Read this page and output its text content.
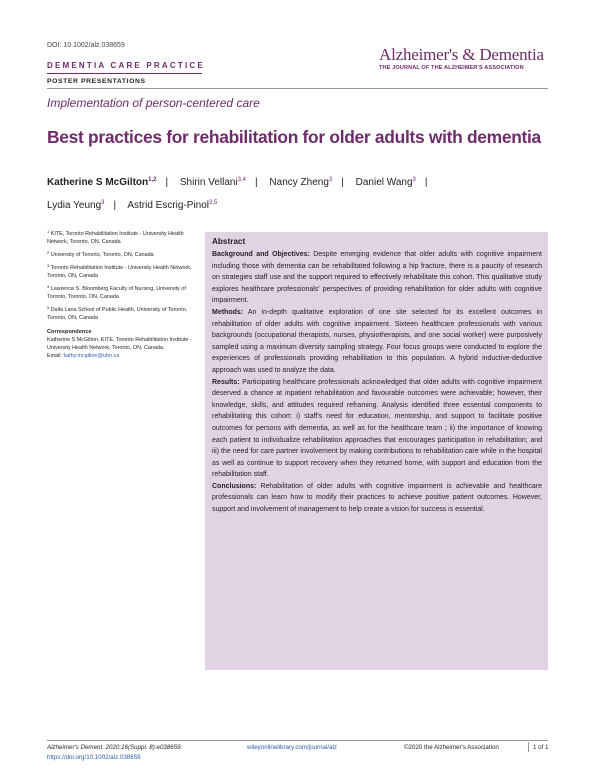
DOI: 10.1002/alz.038659	Alzheimer's & Dementia
THE JOURNAL OF THE ALZHEIMER'S ASSOCIATION
DEMENTIA CARE PRACTICE
POSTER PRESENTATIONS
Implementation of person-centered care
Best practices for rehabilitation for older adults with dementia
Katherine S McGilton$^{1,2}$ | Shirin Vellani$^{3,4}$ | Nancy Zheng$^3$ | Daniel Wang$^3$ |
Lydia Yeung$^3$ | Astrid Escrig-Pinol$^{3,5}$
$^1$ KITE, Toronto Rehabilitation Institute - University Health Network, Toronto, ON, Canada
$^2$ University of Toronto, Toronto, ON, Canada
$^3$ Toronto Rehabilitation Institute - University Health Network, Toronto, ON, Canada
$^4$ Lawrence S. Bloomberg Faculty of Nursing, University of Toronto, Toronto, ON, Canada
$^5$ Dalla Lana School of Public Health, University of Toronto, Toronto, ON, Canada
Correspondence
Katherine S McGilton, KITE, Toronto Rehabilitation Institute - University Health Network, Toronto, ON, Canada.
Email: kathy.mcgilton@uhn.ca
Abstract

Background and Objectives: Despite emerging evidence that older adults with cognitive impairment including those with dementia can be rehabilitated following a hip fracture, there is a paucity of research on strategies staff use and the support required to effectively rehabilitate this cohort. This qualitative study explores healthcare professionals' perspectives of providing rehabilitation for older adults with cognitive impairment.

Methods: An in-depth qualitative exploration of one site selected for its excellent outcomes in rehabilitation of older adults with cognitive impairment. Sixteen healthcare professionals with various backgrounds (occupational therapists, nurses, physiotherapists, and one social worker) were purposively sampled using a maximum diversity sampling strategy. Four focus groups were conducted to explore the experiences of professionals providing rehabilitation to this population. A hybrid inductive-deductive approach was used to analyze the data.

Results: Participating healthcare professionals acknowledged that older adults with cognitive impairment deserved a chance at inpatient rehabilitation and favourable outcomes were achievable; however, their knowledge, skills, and attitudes required reframing. Analysis identified three essential components to rehabilitating this cohort: i) staff's need for education, mentorship, and support to facilitate positive outcomes for persons with dementia, as well as for the healthcare team ; ii) the importance of knowing each patient to individualize rehabilitation approaches that encourages participation in rehabilitation; and iii) the need for care partner involvement by making contributions to rehabilitation care while in the hospital as well as continue to support recovery when they returned home, with support and education from the rehabilitation staff.

Conclusions: Rehabilitation of older adults with cognitive impairment is achievable and healthcare professionals can learn how to modify their practices to achieve positive patient outcomes. However, support and involvement of management to help create a vision for success is essential.

Alzheimer's Dement. 2020;16(Suppl. 8):e038659.
https://doi.org/10.1002/alz.038659
wileyonlinelibrary.com/journal/alz	©2020 the Alzheimer's Association	1 of 1
